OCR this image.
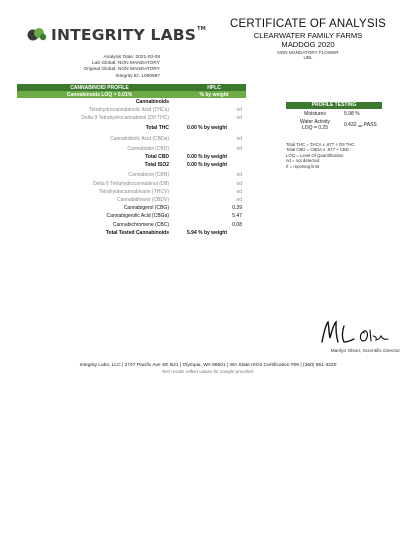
INTEGRITY LABS™
Analysis Date: 2021-03-08
Lab Global: NON MANDATORY
Original Global: NON MANDATORY
Integrity ID: 1080687
CERTIFICATE OF ANALYSIS
CLEARWATER FAMILY FARMS
MADDOG 2020
NON MANDATORY FLOWER
UBL
CANNABINOID PROFILE	HPLC
Cannabinoids LOQ = 0.01%	% by weight
Cannabinoids
Tetrahydrocannabinolic Acid (THCa)	nd
Delta 9 Tetrahydrocannabinol (D9 THC)	nd
Total THC	0.00 % by weight
Cannabidiolic Acid (CBDa)	nd
Cannabidiol (CBD)	nd
Total CBD	0.00 % by weight
Total ISO2	0.00 % by weight
Cannabinol (CBN)	nd
Delta 8 Tetrahydrocannabinol (D8)	nd
Tetrahydrocannabivarin (THCV)	nd
Cannabidivarin (CBDV)	nd
Cannabigerol (CBG)	0.39
Cannabigerolic Acid (CBGa)	5.47
Cannabichromene (CBC)	0.08
Total Tested Cannabinoids	5.94 % by weight
PROFILE TESTING
Moistures	5.98 %
Water Activity
LOQ = 0.25	0.432 $_{aw}$ PASS
Total THC = THCA x .877 + D9 THC
Total CBD = CBDA x .877 + CBD
LOQ = Level Of Quantification
nd = not detected
rl = reporting limit
Marilyn Olson, Scientific Director
Integrity Labs, LLC | 2747 Pacific Ave SE B21 | Olympia, WA 98501 | WA State ISO2 Certification #09 | (360) 951-3220
Test results reflect values for sample provided.
